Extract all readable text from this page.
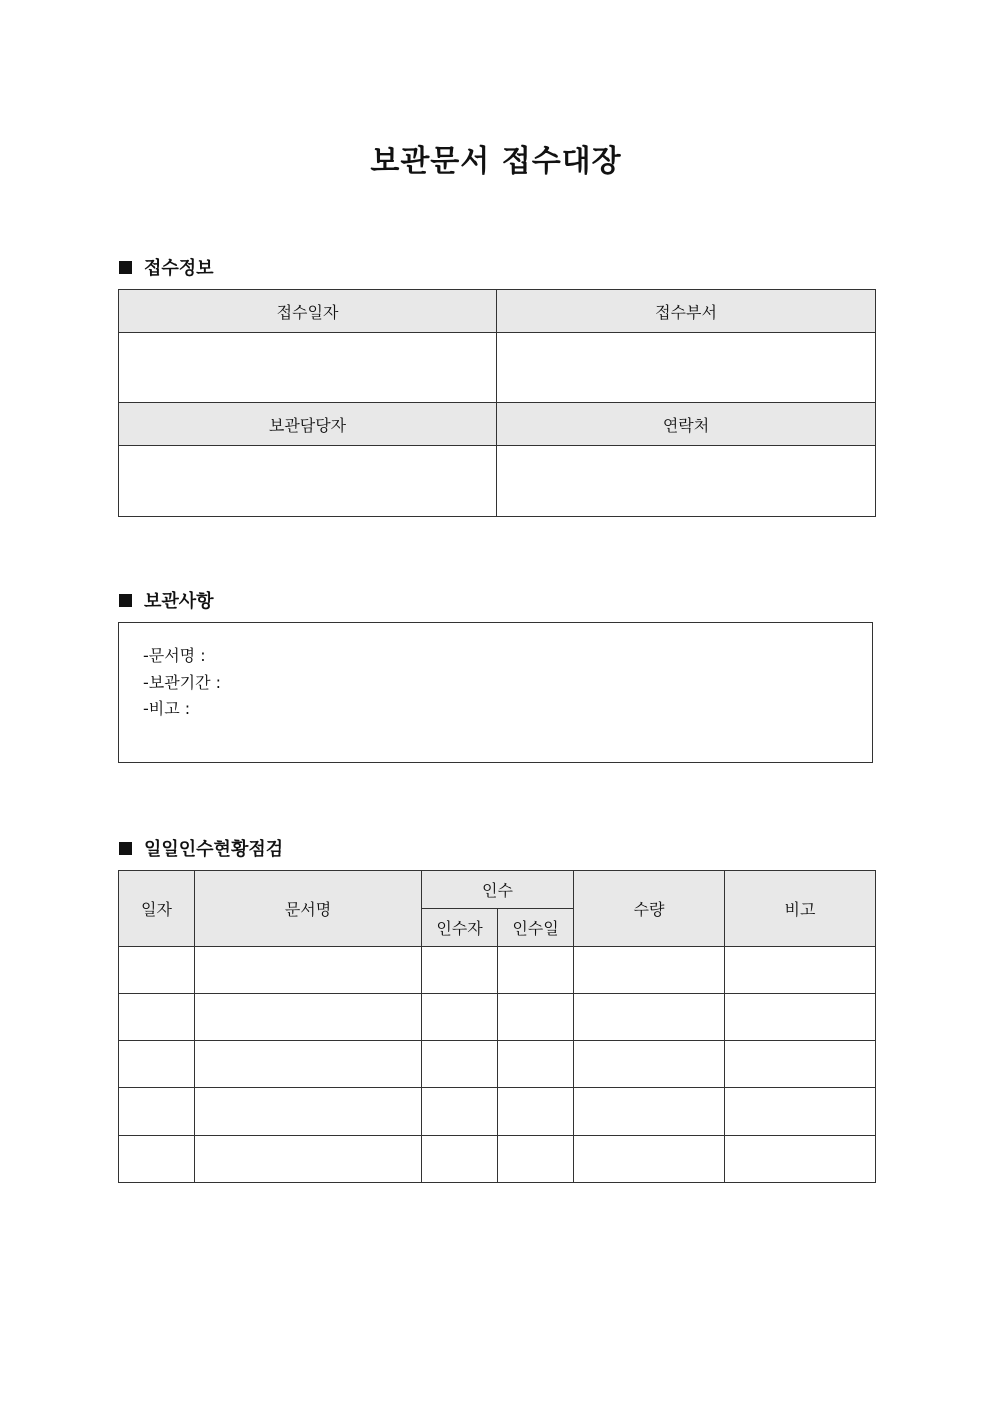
보관문서 접수대장
접수정보
접수일자	접수부서

보관담당자	연락처

보관사항
-문서명 :
-보관기간 :
-비고 :
일일인수현황점검
일자	문서명	인수		수량	비고
		인수자	인수일		
